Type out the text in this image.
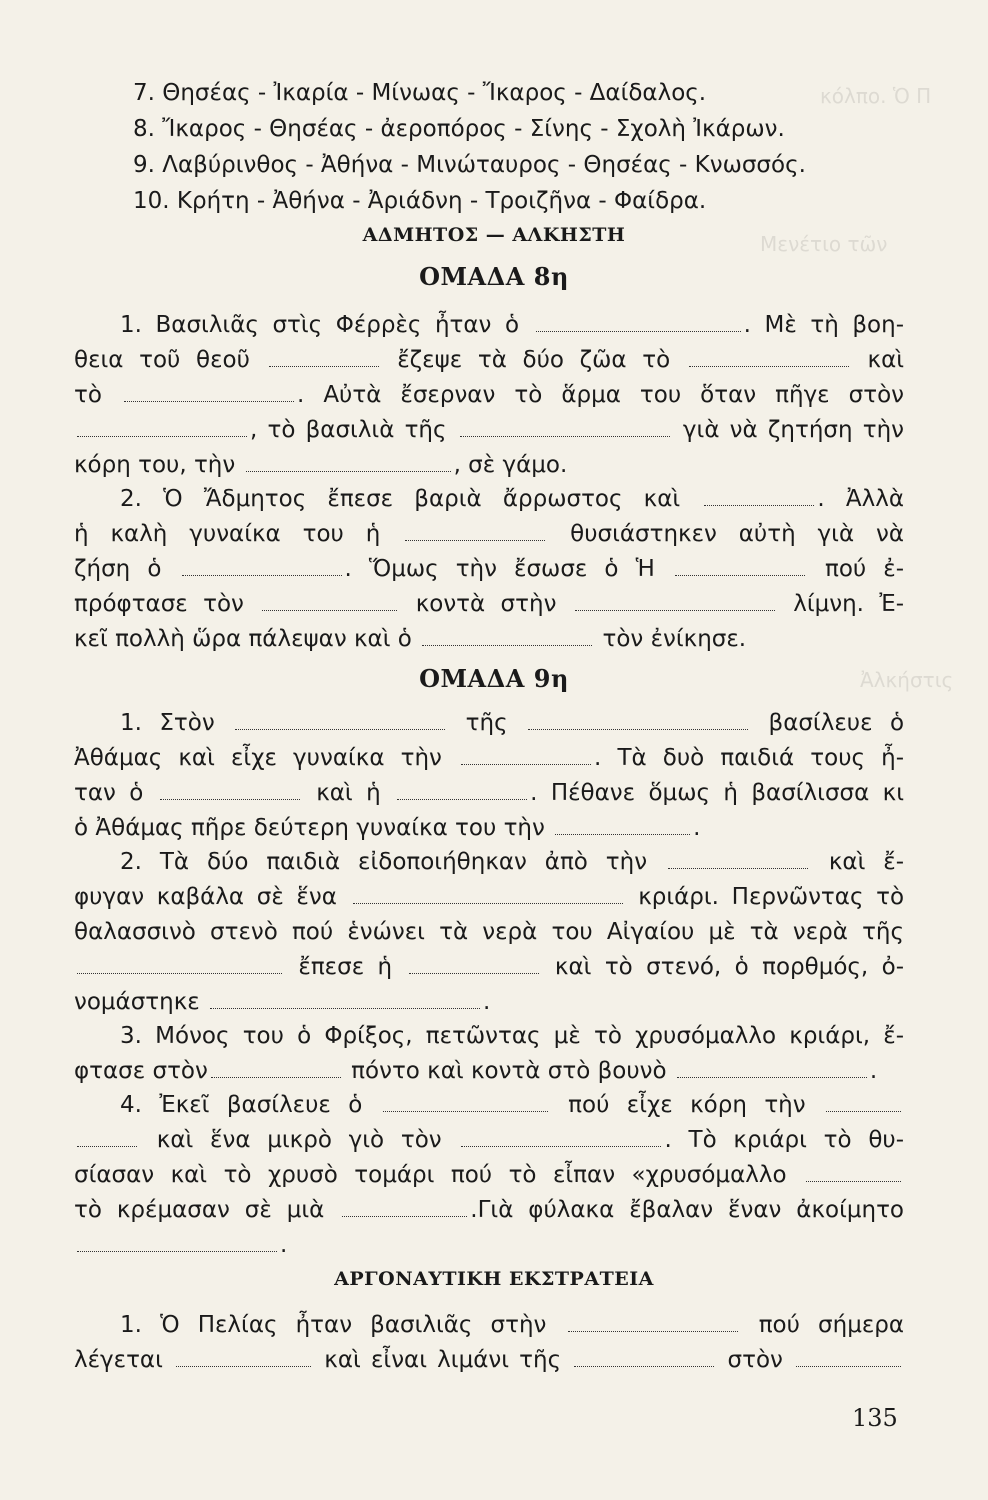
κόλπο. Ὁ Π
Μενέτιο τῶν
Ἀλκήστις
7. Θησέας - Ἰκαρία - Μίνωας - Ἴκαρος - Δαίδαλος.
8. Ἴκαρος - Θησέας - ἀεροπόρος - Σίνης - Σχολὴ Ἰκάρων.
9. Λαβύρινθος - Ἀθήνα - Μινώταυρος - Θησέας - Κνωσσός.
10. Κρήτη - Ἀθήνα - Ἀριάδνη - Τροιζῆνα - Φαίδρα.
ΑΔΜΗΤΟΣ — ΑΛΚΗΣΤΗ
ΟΜΑΔΑ 8η
1. Βασιλιᾶς στὶς Φέρρὲς ἦταν ὁ	. Μὲ τὴ βοη-
θεια τοῦ θεοῦ	ἔζεψε τὰ δύο ζῶα τὸ	καὶ
τὸ	. Αὐτὰ ἔσερναν τὸ ἅρμα του ὅταν πῆγε στὸν
, τὸ βασιλιὰ τῆς	γιὰ νὰ ζητήση τὴν
κόρη του, τὴν	, σὲ γάμο.
2. Ὁ Ἄδμητος ἔπεσε βαριὰ ἄρρωστος καὶ	. Ἀλλὰ
ἡ καλὴ γυναίκα του ἡ	θυσιάστηκεν αὐτὴ γιὰ νὰ
ζήση ὁ	. Ὅμως τὴν ἔσωσε ὁ Ἡ	πού ἐ-
πρόφτασε τὸν	κοντὰ στὴν	λίμνη. Ἐ-
κεῖ πολλὴ ὥρα πάλεψαν καὶ ὁ	τὸν ἐνίκησε.
ΟΜΑΔΑ 9η
1. Στὸν	τῆς	βασίλευε ὁ
Ἀθάμας καὶ εἶχε γυναίκα τὴν	. Τὰ δυὸ παιδιά τους ἦ-
ταν ὁ	καὶ ἡ	. Πέθανε ὅμως ἡ βασίλισσα κι
ὁ Ἀθάμας πῆρε δεύτερη γυναίκα του τὴν	.
2. Τὰ δύο παιδιὰ εἰδοποιήθηκαν ἀπὸ τὴν	καὶ ἔ-
φυγαν καβάλα σὲ ἕνα	κριάρι. Περνῶντας τὸ
θαλασσινὸ στενὸ πού ἑνώνει τὰ νερὰ του Αἰγαίου μὲ τὰ νερὰ τῆς
ἔπεσε ἡ	καὶ τὸ στενό, ὁ πορθμός, ὀ-
νομάστηκε	.
3. Μόνος του ὁ Φρίξος, πετῶντας μὲ τὸ χρυσόμαλλο κριάρι, ἔ-
φτασε στὸν	πόντο καὶ κοντὰ στὸ βουνὸ	.
4. Ἐκεῖ βασίλευε ὁ	πού εἶχε κόρη τὴν
καὶ ἕνα μικρὸ γιὸ τὸν	. Τὸ κριάρι τὸ θυ-
σίασαν καὶ τὸ χρυσὸ τομάρι πού τὸ εἶπαν «χρυσόμαλλο
τὸ κρέμασαν σὲ μιὰ	.Γιὰ φύλακα ἔβαλαν ἕναν ἀκοίμητο
.
ΑΡΓΟΝΑΥΤΙΚΗ ΕΚΣΤΡΑΤΕΙΑ
1. Ὁ Πελίας ἦταν βασιλιᾶς στὴν	πού σήμερα
λέγεται	καὶ εἶναι λιμάνι τῆς	στὸν
135
